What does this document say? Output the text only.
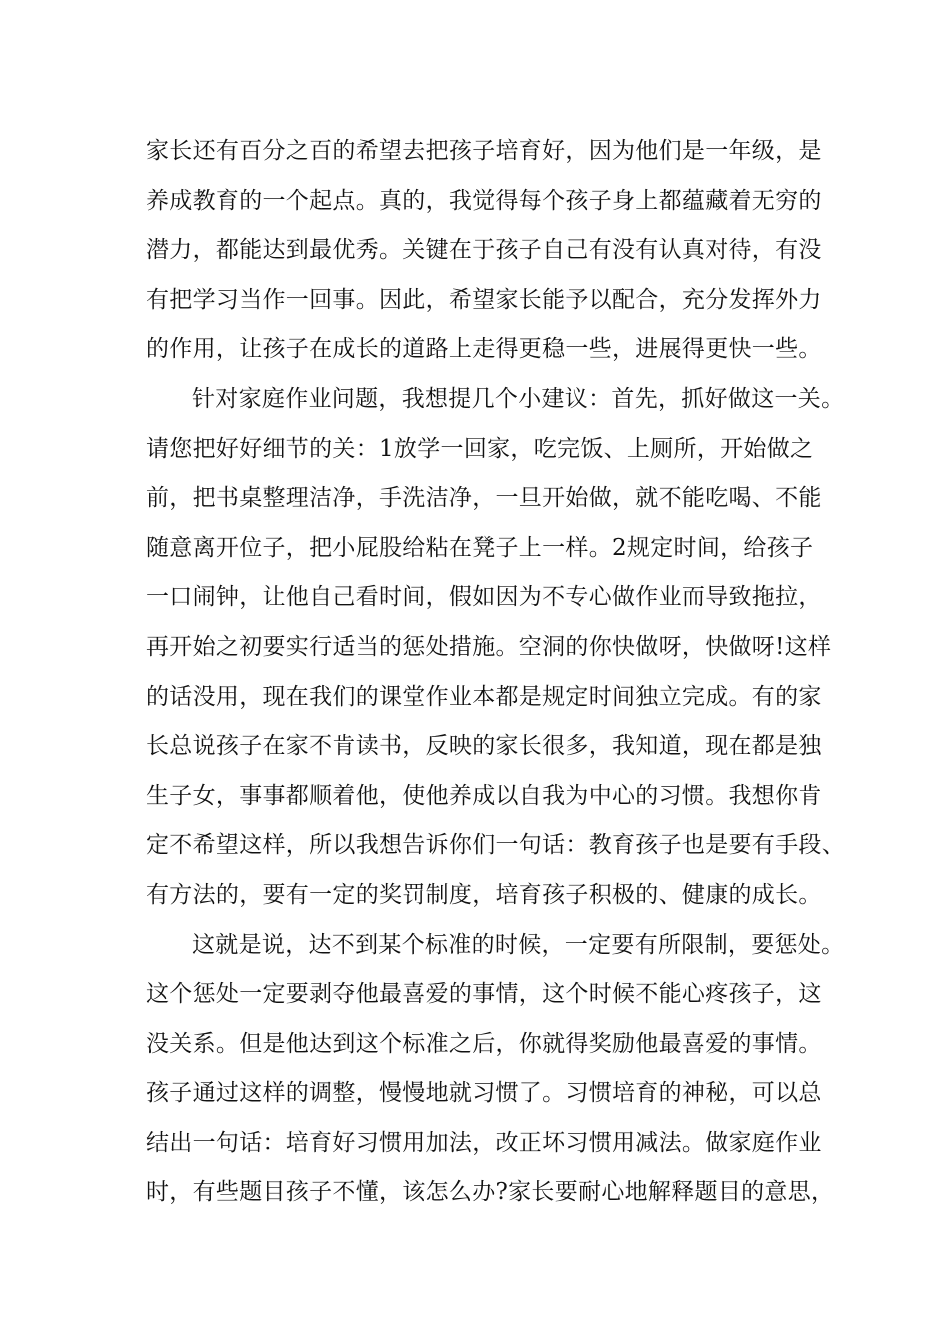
家长还有百分之百的希望去把孩子培育好，因为他们是一年级，是
养成教育的一个起点。真的，我觉得每个孩子身上都蕴藏着无穷的
潜力，都能达到最优秀。关键在于孩子自己有没有认真对待，有没
有把学习当作一回事。因此，希望家长能予以配合，充分发挥外力
的作用，让孩子在成长的道路上走得更稳一些，进展得更快一些。
针对家庭作业问题，我想提几个小建议：首先，抓好做这一关。
请您把好好细节的关：1放学一回家，吃完饭、上厕所，开始做之
前，把书桌整理洁净，手洗洁净，一旦开始做，就不能吃喝、不能
随意离开位子，把小屁股给粘在凳子上一样。2规定时间，给孩子
一口闹钟，让他自己看时间，假如因为不专心做作业而导致拖拉，
再开始之初要实行适当的惩处措施。空洞的你快做呀，快做呀!这样
的话没用，现在我们的课堂作业本都是规定时间独立完成。有的家
长总说孩子在家不肯读书，反映的家长很多，我知道，现在都是独
生子女，事事都顺着他，使他养成以自我为中心的习惯。我想你肯
定不希望这样，所以我想告诉你们一句话：教育孩子也是要有手段、
有方法的，要有一定的奖罚制度，培育孩子积极的、健康的成长。
这就是说，达不到某个标准的时候，一定要有所限制，要惩处。
这个惩处一定要剥夺他最喜爱的事情，这个时候不能心疼孩子，这
没关系。但是他达到这个标准之后，你就得奖励他最喜爱的事情。
孩子通过这样的调整，慢慢地就习惯了。习惯培育的神秘，可以总
结出一句话：培育好习惯用加法，改正坏习惯用减法。做家庭作业
时，有些题目孩子不懂，该怎么办?家长要耐心地解释题目的意思，
